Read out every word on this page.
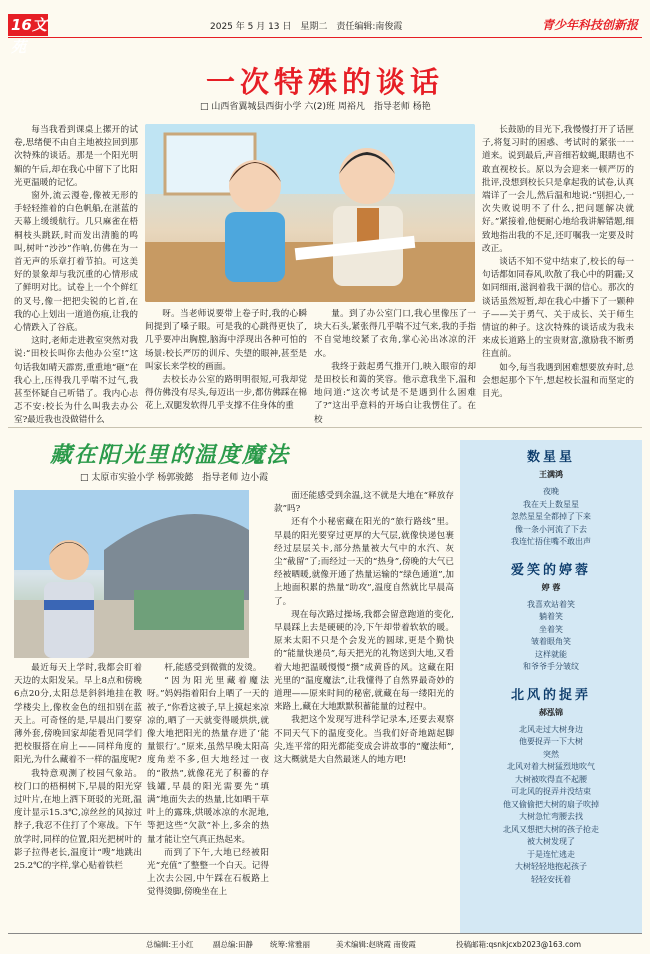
16文苑
2025 年 5 月 13 日　星期二　责任编辑:南俊霞	青少年科技创新报
一次特殊的谈话
□ 山西省翼城县西街小学 六(2)班 周裕凡　指导老师 杨艳

每当我看到课桌上摞开的试卷,思绪便不由自主地被拉回到那次特殊的谈话。那是一个阳光明媚的午后,却在我心中留下了比阳光更温暖的记忆。

窗外,流云漫卷,像被无形的手轻轻推着的白色帆船,在湛蓝的天幕上缓缓航行。几只麻雀在梧桐枝头跳跃,时而发出清脆的鸣叫,树叶“沙沙”作响,仿佛在为一首无声的乐章打着节拍。可这美好的景象却与我沉重的心情形成了鲜明对比。试卷上一个个鲜红的叉号,像一把把尖锐的匕首,在我的心上划出一道道伤痕,让我的心情跌入了谷底。

这时,老师走进教室突然对我说:“田校长叫你去他办公室!”这句话我如晴天霹雳,重重地“砸”在我心上,压得我几乎喘不过气,我甚至怀疑自己听错了。我内心忐忑不安:校长为什么叫我去办公室?最近我也没做错什么

长鼓励的目光下,我慢慢打开了话匣子,将复习时的困惑、考试时的紧张一一道来。说到最后,声音细若蚊蝇,眼睛也不敢直视校长。原以为会迎来一顿严厉的批评,没想到校长只是拿起我的试卷,认真端详了一会儿,然后温和地说:“别担心,一次失败说明不了什么,把问题解决就好。”紧接着,他便耐心地给我讲解错题,细致地指出我的不足,还叮嘱我一定要及时改正。

谈话不知不觉中结束了,校长的每一句话都如同春风,吹散了我心中的阴霾;又如同细雨,滋润着我干涸的信心。那次的谈话虽然短暂,却在我心中播下了一颗种子——关于勇气、关于成长、关于师生情谊的种子。这次特殊的谈话成为我未来成长道路上的宝贵财富,激励我不断勇往直前。

如今,每当我遇到困难想要放弃时,总会想起那个下午,想起校长温和而坚定的目光。

呀。当老师说要带上卷子时,我的心瞬间提到了嗓子眼。可是我的心跳得更快了,几乎要冲出胸膛,脑海中浮现出各种可怕的场景:校长严厉的训斥、失望的眼神,甚至是叫家长来学校的画面。

去校长办公室的路明明很短,可我却觉得仿佛没有尽头,每迈出一步,都仿佛踩在棉花上,双腿发软得几乎支撑不住身体的重

量。到了办公室门口,我心里像压了一块大石头,紧张得几乎喘不过气来,我的手指不自觉地绞紧了衣角,掌心沁出冰凉的汗水。

我终于鼓起勇气推开门,映入眼帘的却是田校长和蔼的笑容。他示意我坐下,温和地问道:“这次考试是不是遇到什么困难了?”这出乎意料的开场白让我愣住了。在校

藏在阳光里的温度魔法
□ 太原市实验小学 杨郭骏懿　指导老师 边小霞

最近每天上学时,我都会盯着天边的太阳发呆。早上8点和傍晚6点20分,太阳总是斜斜地挂在教学楼尖上,像枚金色的纽扣别在蓝天上。可奇怪的是,早晨出门要穿薄外套,傍晚回家却能看见同学们把校服搭在肩上——同样角度的阳光,为什么藏着不一样的温度呢?

我特意观测了校园气象站。校门口的梧桐树下,早晨的阳光穿过叶片,在地上洒下斑驳的光斑,温度计显示15.3℃,凉丝丝的风掠过脖子,我忍不住打了个寒战。下午放学时,同样的位置,阳光把树叶的影子拉得老长,温度计“嗖”地跳出25.2℃的字样,掌心贴着铁栏

杆,能感受到微微的发烫。

“因为阳光里藏着魔法呀。”妈妈指着阳台上晒了一天的被子,“你看这被子,早上摸起来凉凉的,晒了一天就变得暖烘烘,就像大地把阳光的热量存进了‘能量银行’。”原来,虽然早晚太阳高度角差不多,但大地经过一夜的“散热”,就像花光了积蓄的存钱罐,早晨的阳光需要先“填满”地面失去的热量,比如晒干草叶上的露珠,烘暖冰凉的水泥地,等把这些“欠款”补上,多余的热量才能让空气真正热起来。

而到了下午,大地已经被阳光“充值”了整整一个白天。记得上次去公园,中午踩在石板路上觉得烫脚,傍晚坐在上

面还能感受到余温,这不就是大地在“释放存款”吗?

还有个小秘密藏在阳光的“旅行路线”里。早晨的阳光要穿过更厚的大气层,就像快递包裹经过层层关卡,部分热量被大气中的水汽、灰尘“截留”了;而经过一天的“热身”,傍晚的大气已经被晒暖,就像开通了热量运输的“绿色通道”,加上地面积累的热量“助攻”,温度自然就比早晨高了。

现在每次路过操场,我都会留意跑道的变化,早晨踩上去是硬硬的冷,下午却带着软软的暖。原来太阳不只是个会发光的圆球,更是个勤快的“能量快递员”,每天把光的礼物送到大地,又看着大地把温暖慢慢“攒”成黄昏的风。这藏在阳光里的“温度魔法”,让我懂得了自然界最奇妙的道理——原来时间的秘密,就藏在每一缕阳光的来路上,藏在大地默默积蓄能量的过程中。

我把这个发现写进科学记录本,还要去观察不同天气下的温度变化。当我们好奇地踮起脚尖,连平常的阳光都能变成会讲故事的“魔法师”,这大概就是大自然最迷人的地方吧!

数星星
王满鸿
夜晚
我在天上数星星
忽然星星全都掉了下来
像一条小河流了下去
我连忙捂住嘴不敢出声
爱笑的婷蓉
婷 蓉
我喜欢站着笑
躺着笑
坐着笑
皱着眼角笑
这样就能
和爷爷手分皱纹
北风的捉弄
郝泓锦
北风走过大树身边
他要捉弄一下大树
突然
北风对着大树猛烈地吹气
大树被吹得直不起腰
可北风的捉弄并没结束
他又偷偷把大树的扇子吹掉
大树急忙弯腰去找
北风又想把大树的孩子抢走
被大树发现了
于是连忙逃走
大树轻轻地抱起孩子
轻轻安抚着
总编辑:王小红	副总编:田静 统筹:常雅丽	美术编辑:赵晓霞 南俊霞	投稿邮箱:qsnkjcxb2023@163.com
